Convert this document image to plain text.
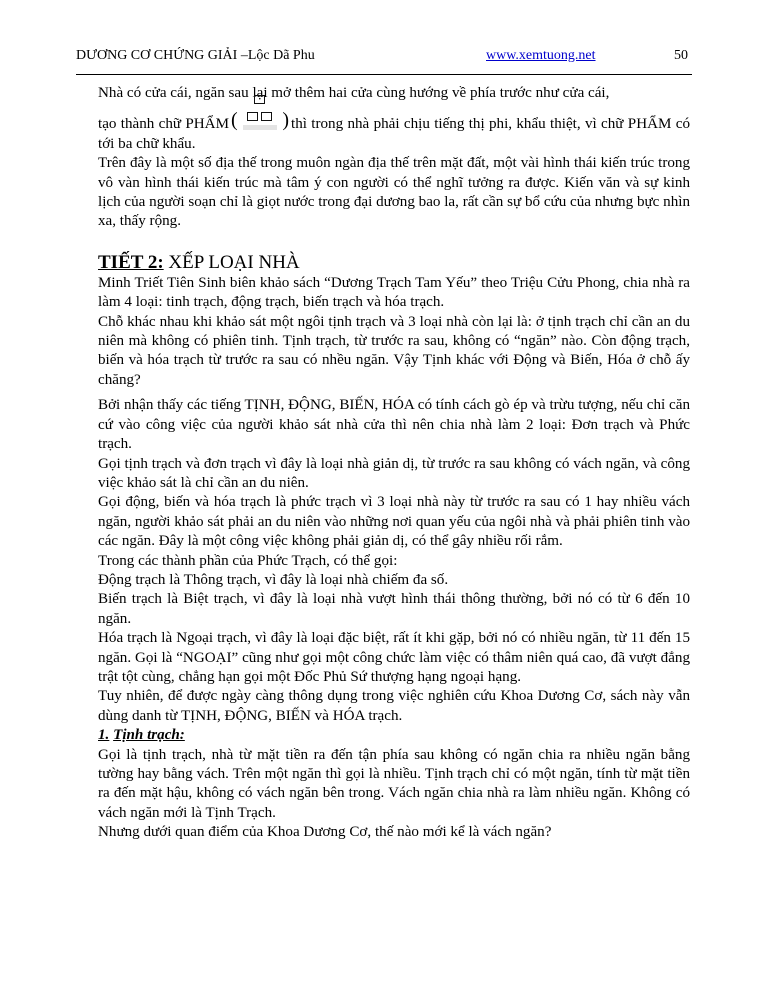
DƯƠNG CƠ CHỨNG GIẢI –Lộc Dã Phu	www.xemtuong.net	50

Nhà có cửa cái, ngăn sau lại mở thêm hai cửa cùng hướng về phía trước như cửa cái,

tạo thành chữ PHẨM ( ) thì trong nhà phải chịu tiếng thị phi, khẩu thiệt, vì chữ PHẨM có tới ba chữ khẩu.

Trên đây là một số địa thế trong muôn ngàn địa thế trên mặt đất, một vài hình thái kiến trúc trong vô vàn hình thái kiến trúc mà tâm ý con người có thể nghĩ tưởng ra được. Kiến văn và sự kinh lịch của người soạn chỉ là giọt nước trong đại dương bao la, rất cần sự bổ cứu của nhưng bực nhìn xa, thấy rộng.

TIẾT 2: XẾP LOẠI NHÀ

Minh Triết Tiên Sinh biên khảo sách “Dương Trạch Tam Yếu” theo Triệu Cửu Phong, chia nhà ra làm 4 loại: tinh trạch, động trạch, biến trạch và hóa trạch.

Chỗ khác nhau khi khảo sát một ngôi tịnh trạch và 3 loại nhà còn lại là: ở tịnh trạch chỉ cần an du niên mà không có phiên tinh. Tịnh trạch, từ trước ra sau, không có “ngăn” nào. Còn động trạch, biến và hóa trạch từ trước ra sau có nhều ngăn. Vậy Tịnh khác với Động và Biến, Hóa ở chỗ ấy chăng?

Bởi nhận thấy các tiếng TỊNH, ĐỘNG, BIẾN, HÓA có tính cách gò ép và trừu tượng, nếu chỉ căn cứ vào công việc của người khảo sát nhà cửa thì nên chia nhà làm 2 loại: Đơn trạch và Phức trạch.

Gọi tịnh trạch và đơn trạch vì đây là loại nhà giản dị, từ trước ra sau không có vách ngăn, và công việc khảo sát là chỉ cần an du niên.

Gọi động, biến và hóa trạch là phức trạch vì 3 loại nhà này từ trước ra sau có 1 hay nhiều vách ngăn, người khảo sát phải an du niên vào những nơi quan yếu của ngôi nhà và phải phiên tinh vào các ngăn. Đây là một công việc không phải giản dị, có thể gây nhiều rối rắm.

Trong các thành phần của Phức Trạch, có thể gọi:

Động trạch là Thông trạch, vì đây là loại nhà chiếm đa số.

Biến trạch là Biệt trạch, vì đây là loại nhà vượt hình thái thông thường, bởi nó có từ 6 đến 10 ngăn.

Hóa trạch là Ngoại trạch, vì đây là loại đặc biệt, rất ít khi gặp, bởi nó có nhiều ngăn, từ 11 đến 15 ngăn. Gọi là “NGOẠI” cũng như gọi một công chức làm việc có thâm niên quá cao, đã vượt đẳng trật tột cùng, chẳng hạn gọi một Đốc Phủ Sứ thượng hạng ngoại hạng.

Tuy nhiên, để được ngày càng thông dụng trong việc nghiên cứu Khoa Dương Cơ, sách này vẫn dùng danh từ TỊNH, ĐỘNG, BIẾN và HÓA trạch.

1. Tịnh trạch:

Gọi là tịnh trạch, nhà từ mặt tiền ra đến tận phía sau không có ngăn chia ra nhiều ngăn bằng tường hay bằng vách. Trên một ngăn thì gọi là nhiều. Tịnh trạch chỉ có một ngăn, tính từ mặt tiền ra đến mặt hậu, không có vách ngăn bên trong. Vách ngăn chia nhà ra làm nhiều ngăn. Không có vách ngăn mới là Tịnh Trạch.

Nhưng dưới quan điểm của Khoa Dương Cơ, thế nào mới kể là vách ngăn?
